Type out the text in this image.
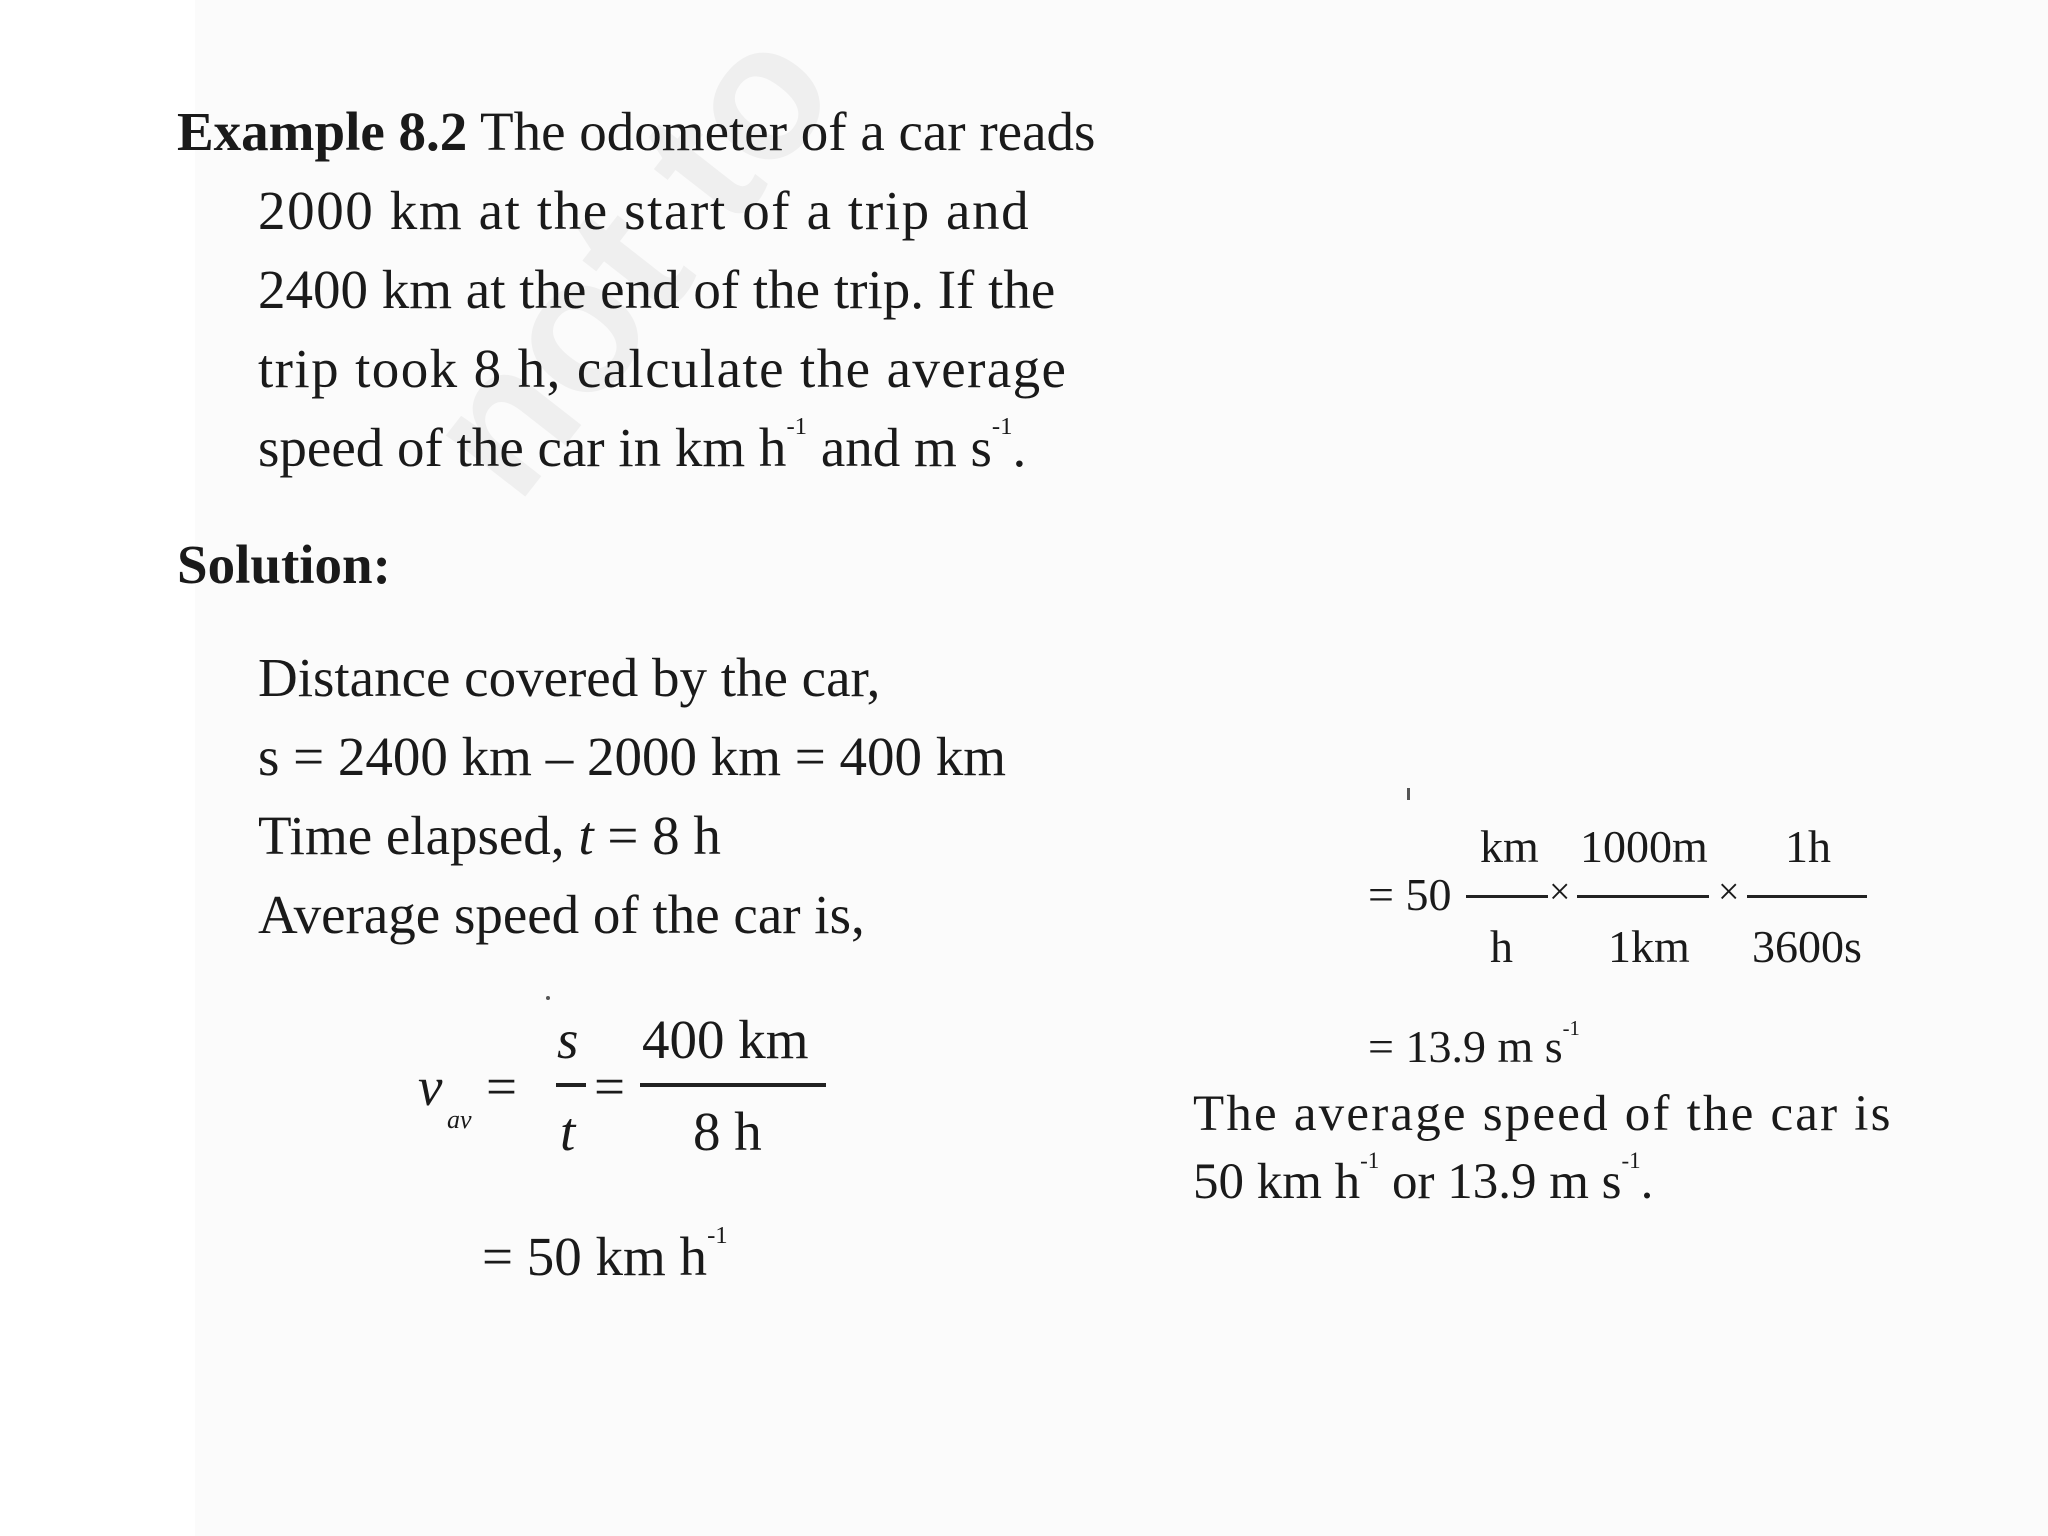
Example 8.2 The odometer of a car reads
2000 km at the start of a trip and
2400 km at the end of the trip. If the
trip took 8 h, calculate the average
speed of the car in km $h^{-1}$ and m $s^{-1}$.
Solution:
Distance covered by the car,
s = 2400 km – 2000 km = 400 km
Time elapsed, t = 8 h
Average speed of the car is,
v
av
=
s
t
=
400 km
8 h
= 50 km $h^{-1}$
= 50
km
h
×
1000m
1km
×
1h
3600s
= 13.9 m $s^{-1}$
The average speed of the car is
50 km $h^{-1}$ or 13.9 m $s^{-1}$.
